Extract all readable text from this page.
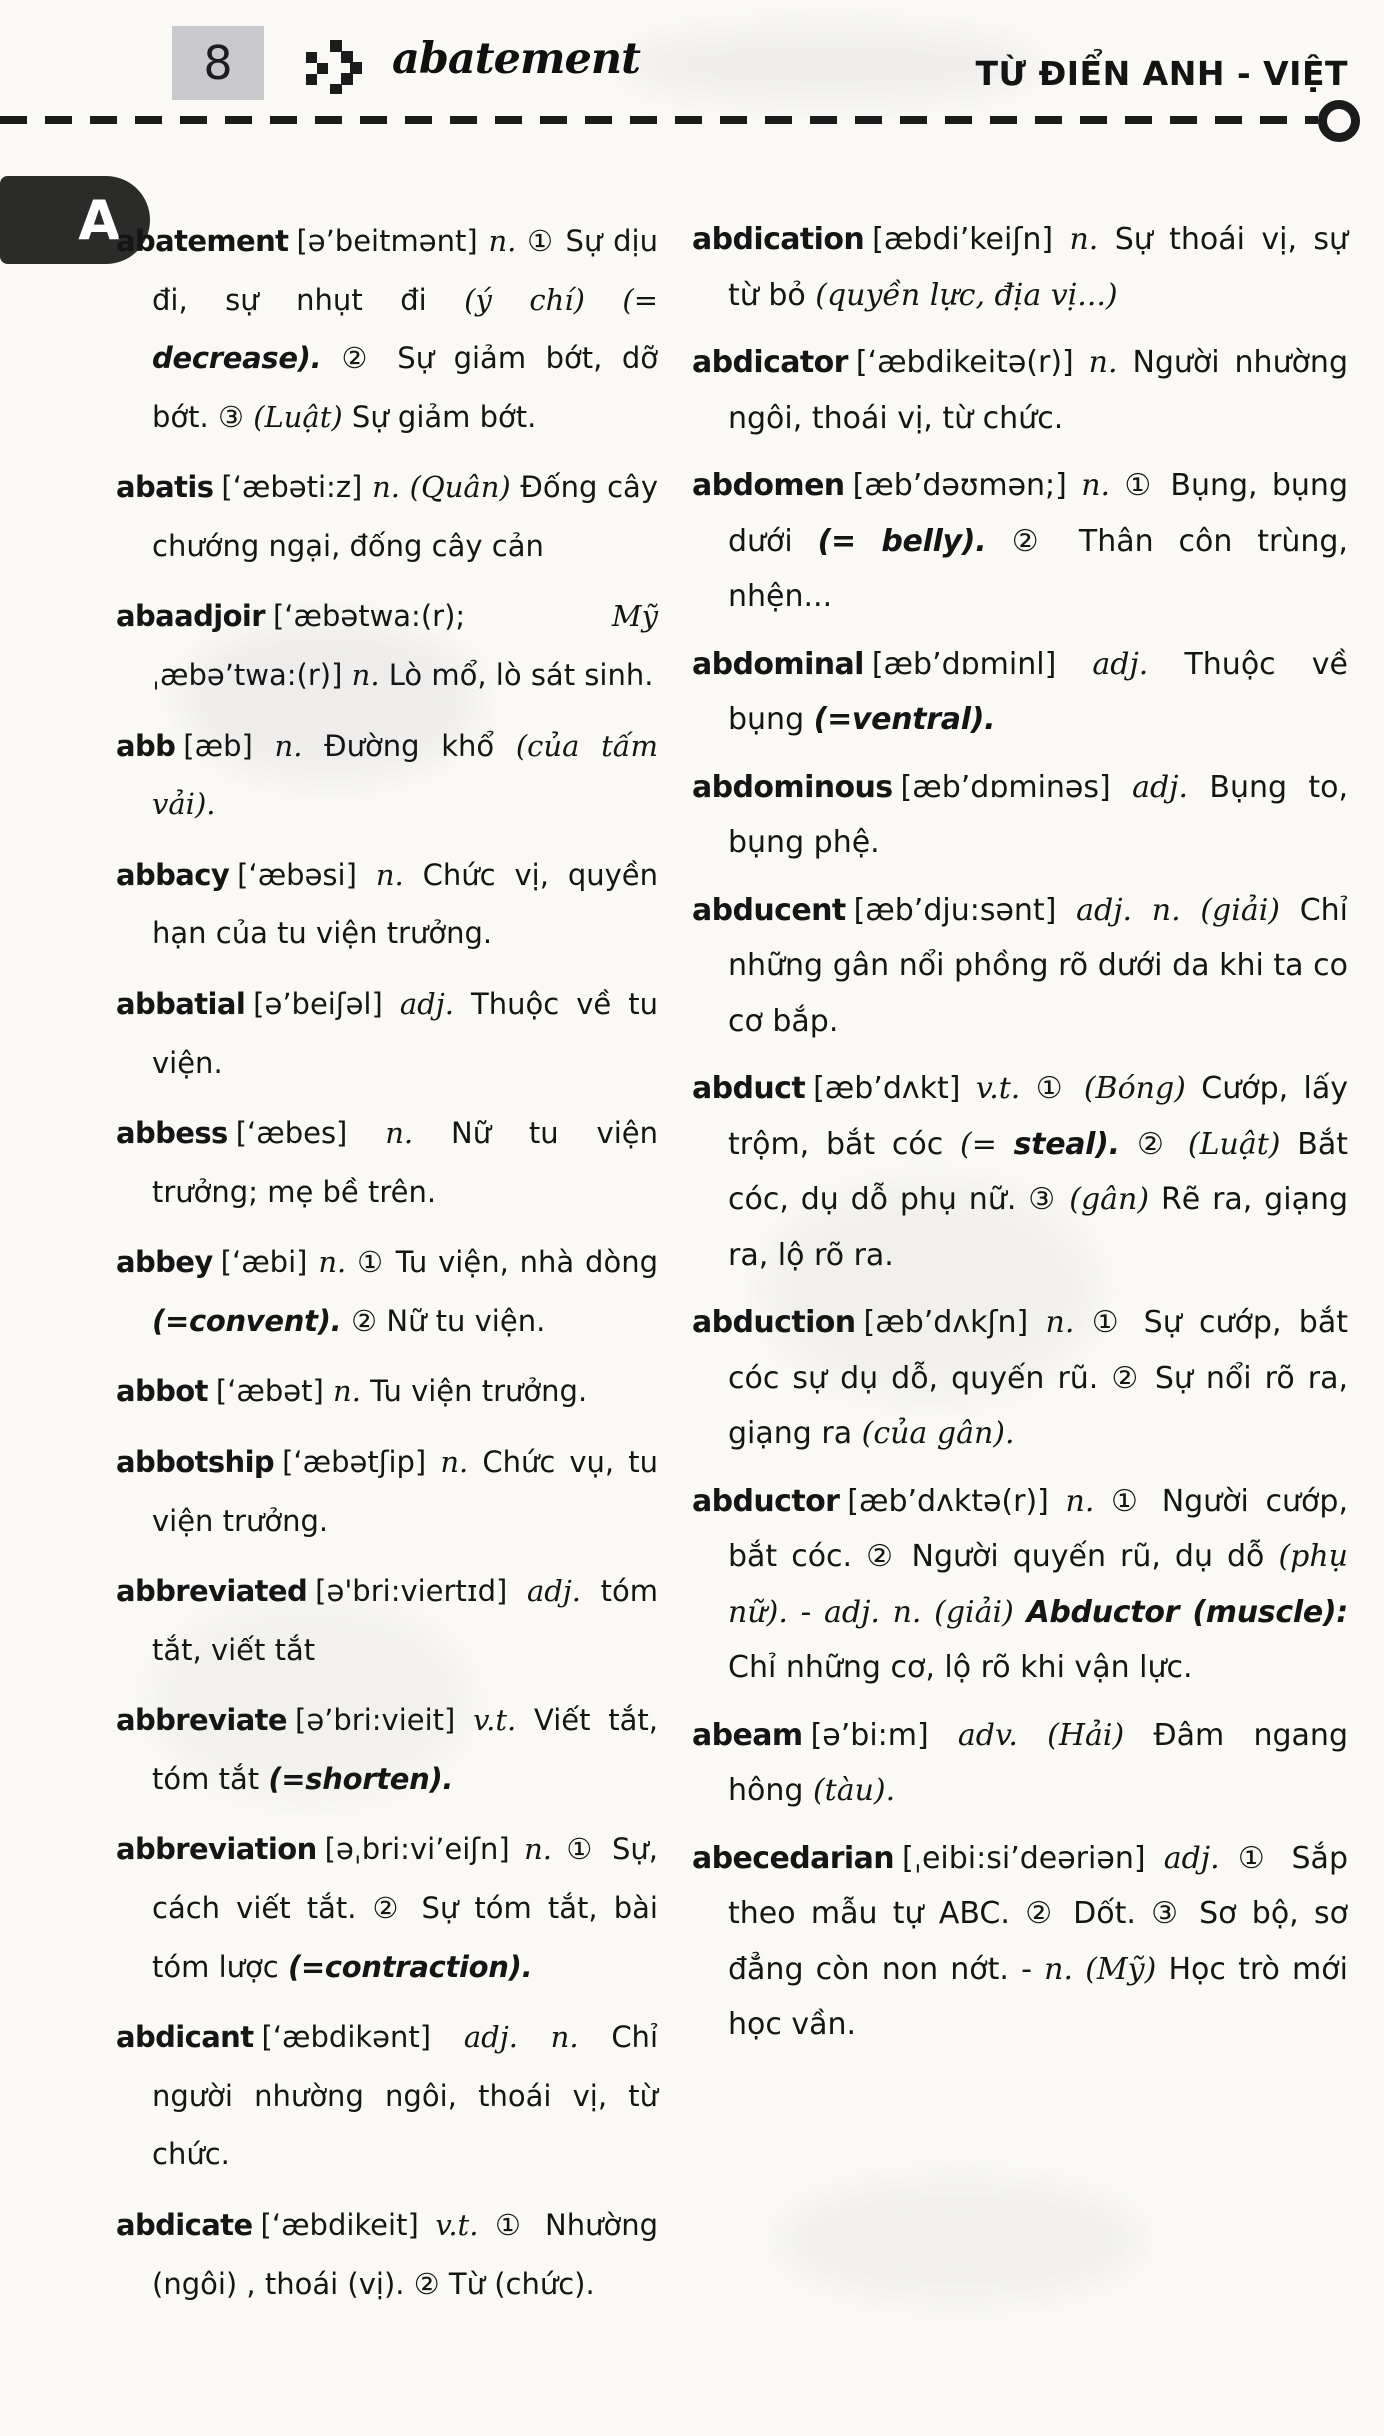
8	abatement	TỪ ĐIỂN ANH - VIỆT
A

abatement [ə’beitmənt] n. ① Sự dịu đi, sự nhụt đi (ý chí) (= decrease). ② Sự giảm bớt, dỡ bớt. ③ (Luật) Sự giảm bớt.

abatis [‘æbəti:z] n. (Quân) Đống cây chướng ngại, đống cây cản

abaadjoir [‘æbətwa:(r); Mỹ ˌæbə’twa:(r)] n. Lò mổ, lò sát sinh.

abb [æb] n. Đường khổ (của tấm vải).

abbacy [‘æbəsi] n. Chức vị, quyền hạn của tu viện trưởng.

abbatial [ə’beiʃəl] adj. Thuộc về tu viện.

abbess [‘æbes] n. Nữ tu viện trưởng; mẹ bề trên.

abbey [‘æbi] n. ① Tu viện, nhà dòng (=convent). ② Nữ tu viện.

abbot [‘æbət] n. Tu viện trưởng.

abbotship [‘æbətʃip] n. Chức vụ, tu viện trưởng.

abbreviated [ə'bri:viertɪd] adj. tóm tắt, viết tắt

abbreviate [ə’bri:vieit] v.t. Viết tắt, tóm tắt (=shorten).

abbreviation [əˌbri:vi’eiʃn] n. ① Sự, cách viết tắt. ② Sự tóm tắt, bài tóm lược (=contraction).

abdicant [‘æbdikənt] adj. n. Chỉ người nhường ngôi, thoái vị, từ chức.

abdicate [‘æbdikeit] v.t. ① Nhường (ngôi) , thoái (vị). ② Từ (chức).

abdication [æbdi’keiʃn] n. Sự thoái vị, sự từ bỏ (quyền lực, địa vị...)

abdicator [‘æbdikeitə(r)] n. Người nhường ngôi, thoái vị, từ chức.

abdomen [æb’dəʊmən;] n. ① Bụng, bụng dưới (= belly). ② Thân côn trùng, nhện...

abdominal [æb’dɒminl] adj. Thuộc về bụng (=ventral).

abdominous [æb’dɒminəs] adj. Bụng to, bụng phệ.

abducent [æb’dju:sənt] adj. n. (giải) Chỉ những gân nổi phồng rõ dưới da khi ta co cơ bắp.

abduct [æb’dʌkt] v.t. ① (Bóng) Cướp, lấy trộm, bắt cóc (= steal). ② (Luật) Bắt cóc, dụ dỗ phụ nữ. ③ (gân) Rẽ ra, giạng ra, lộ rõ ra.

abduction [æb’dʌkʃn] n. ① Sự cướp, bắt cóc sự dụ dỗ, quyến rũ. ② Sự nổi rõ ra, giạng ra (của gân).

abductor [æb’dʌktə(r)] n. ① Người cướp, bắt cóc. ② Người quyến rũ, dụ dỗ (phụ nữ). - adj. n. (giải) Abductor (muscle): Chỉ những cơ, lộ rõ khi vận lực.

abeam [ə’bi:m] adv. (Hải) Đâm ngang hông (tàu).

abecedarian [ˌeibi:si’deəriən] adj. ① Sắp theo mẫu tự ABC. ② Dốt. ③ Sơ bộ, sơ đẳng còn non nớt. - n. (Mỹ) Học trò mới học vần.
